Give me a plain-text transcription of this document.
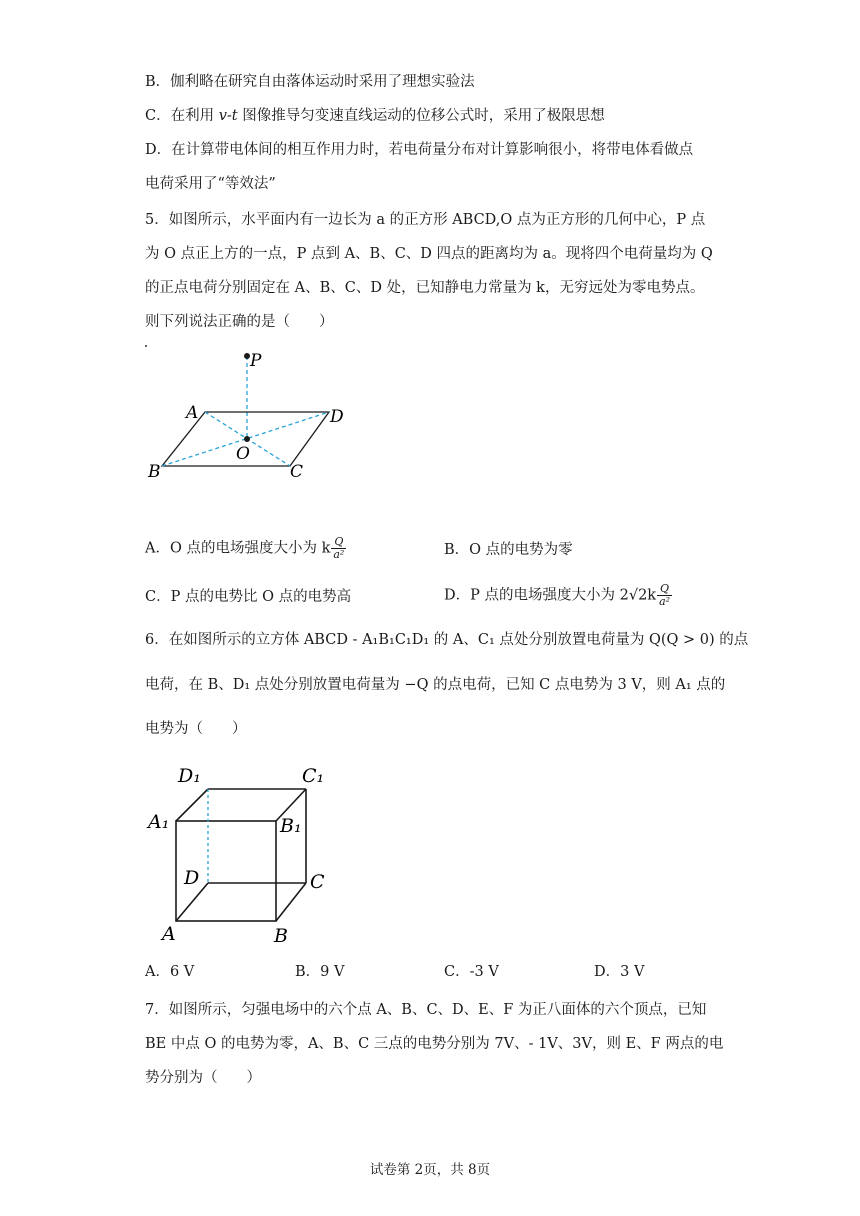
B．伽利略在研究自由落体运动时采用了理想实验法
C．在利用 v-t 图像推导匀变速直线运动的位移公式时，采用了极限思想
D．在计算带电体间的相互作用力时，若电荷量分布对计算影响很小，将带电体看做点
电荷采用了“等效法”
5．如图所示，水平面内有一边长为 a 的正方形 ABCD,O 点为正方形的几何中心，P 点
为 O 点正上方的一点，P 点到 A、B、C、D 四点的距离均为 a。现将四个电荷量均为 Q
的正点电荷分别固定在 A、B、C、D 处，已知静电力常量为 k，无穷远处为零电势点。
则下列说法正确的是（　　）
P
A	D
O
B	C
A．O 点的电场强度大小为 k $\frac{Q}{\text{a²}}$	B．O 点的电势为零
C．P 点的电势比 O 点的电势高	D．P 点的电场强度大小为 $2√2k \frac{Q}{\text{a²}}$
6．在如图所示的立方体 ABCD - A₁B₁C₁D₁ 的 A、C₁ 点处分别放置电荷量为 Q(Q > 0) 的点
电荷，在 B、D₁ 点处分别放置电荷量为 −Q 的点电荷，已知 C 点电势为 3 V，则 A₁ 点的
电势为（　　）
D₁	C₁
A₁	B₁
D	C
A	B
A．6 V	B．9 V	C．-3 V	D．3 V
7．如图所示，匀强电场中的六个点 A、B、C、D、E、F 为正八面体的六个顶点，已知
BE 中点 O 的电势为零，A、B、C 三点的电势分别为 7V、- 1V、3V，则 E、F 两点的电
势分别为（　　）
试卷第 2页，共 8页
